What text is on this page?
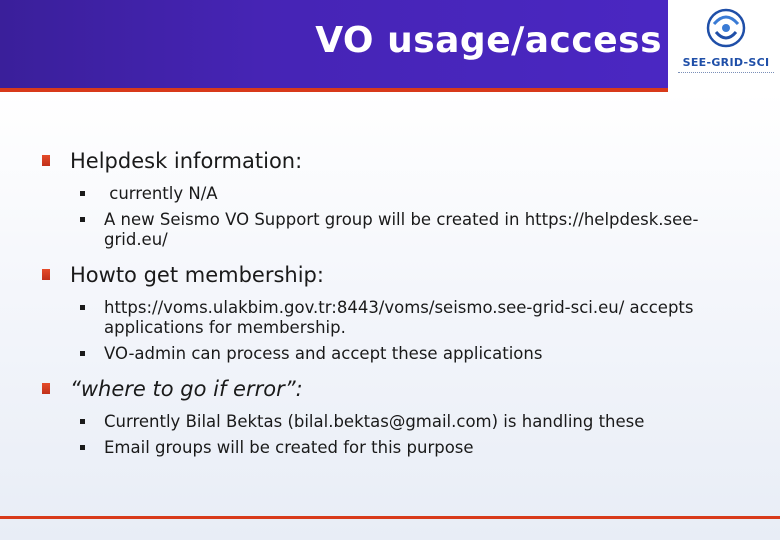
VO usage/access
SEE-GRID-SCI
Helpdesk information:
currently N/A
A new Seismo VO Support group will be created in https://helpdesk.see-grid.eu/
Howto get membership:
https://voms.ulakbim.gov.tr:8443/voms/seismo.see-grid-sci.eu/ accepts applications for membership.
VO-admin can process and accept these applications
“where to go if error”:
Currently Bilal Bektas (bilal.bektas@gmail.com) is handling these
Email groups will be created for this purpose
